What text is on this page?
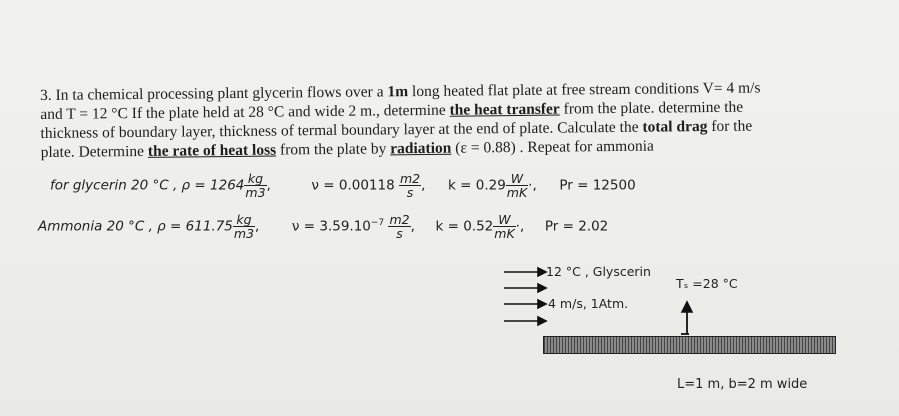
3. In ta chemical processing plant glycerin flows over a 1m long heated flat plate at free stream conditions V= 4 m/s

and T = 12 °C If the plate held at 28 °C and wide 2 m., determine the heat transfer from the plate. determine the

thickness of boundary layer, thickness of termal boundary layer at the end of plate. Calculate the total drag for the

plate. Determine the rate of heat loss from the plate by radiation (ε = 0.88) . Repeat for ammonia

for glycerin 20 °C , $\rho = 1264 \frac{kg}{m3}$ ,	$\nu = 0.00118 \frac{m2}{s}$ , $k = 0.29 \frac{W}{mK}$ ·, Pr = 12500
Ammonia 20 °C , $\rho = 611.75 \frac{kg}{m3}$ , $\nu = 3.59.10^{-7} \frac{m2}{s}$ , $k = 0.52 \frac{W}{mK}$ ·, Pr = 2.02
12 °C , Glyscerin
4 m/s, 1Atm.
Tₛ =28 °C
L=1 m, b=2 m wide
